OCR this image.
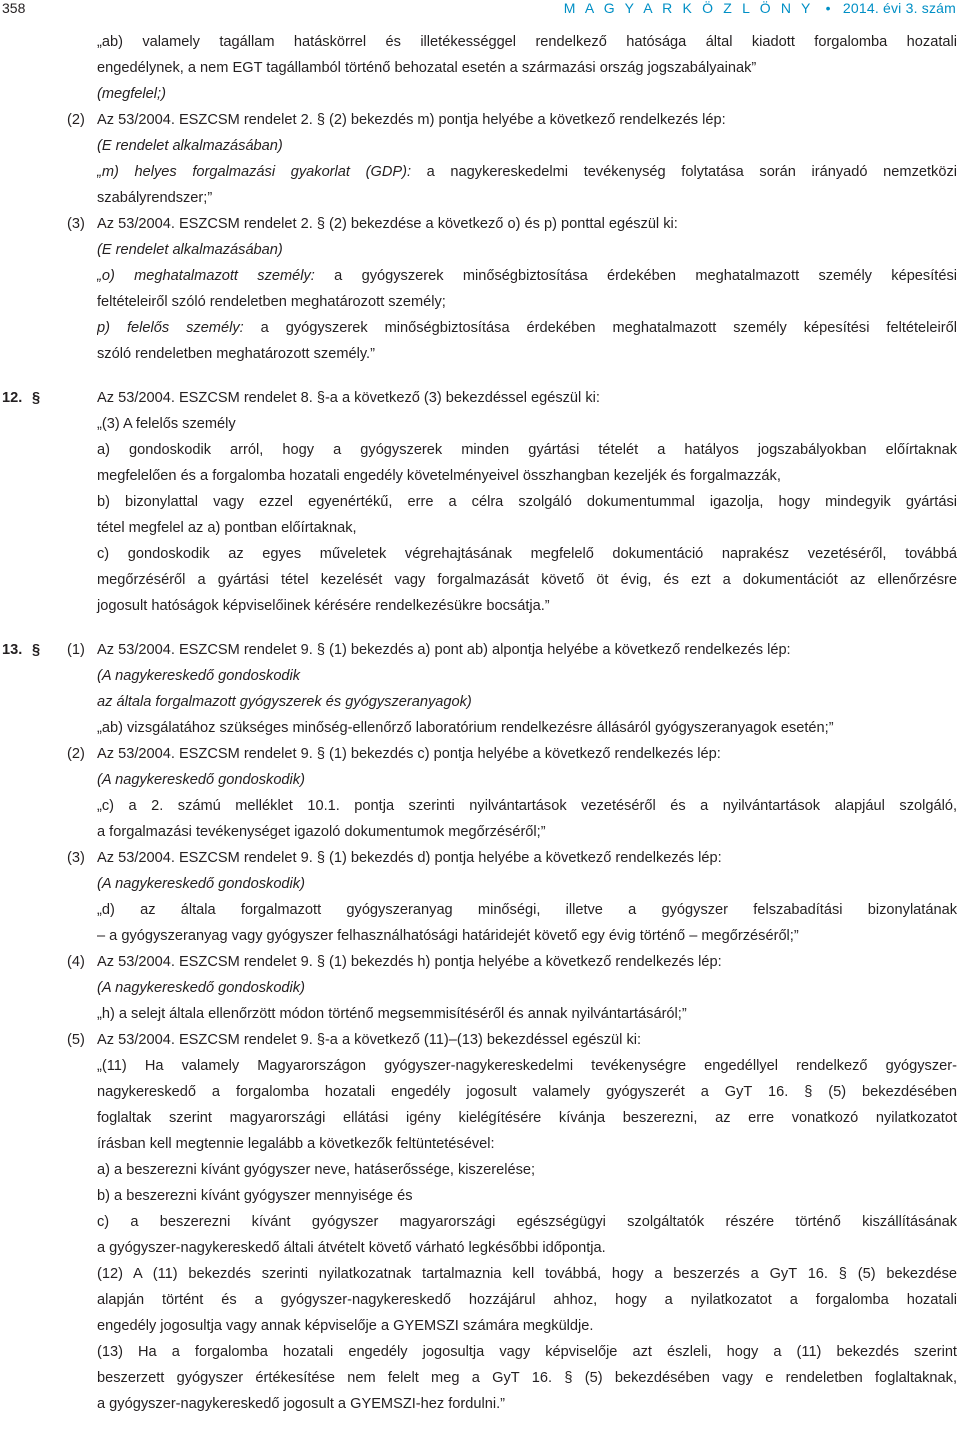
358	M A G Y A R K Ö Z L Ö N Y • 2014. évi 3. szám
„ab) valamely tagállam hatáskörrel és illetékességgel rendelkező hatósága által kiadott forgalomba hozatali
engedélynek, a nem EGT tagállamból történő behozatal esetén a származási ország jogszabályainak”
(megfelel;)
(2) Az 53/2004. ESZCSM rendelet 2. § (2) bekezdés m) pontja helyébe a következő rendelkezés lép:
(E rendelet alkalmazásában)
„m) helyes forgalmazási gyakorlat (GDP): a nagykereskedelmi tevékenység folytatása során irányadó nemzetközi
szabályrendszer;”
(3) Az 53/2004. ESZCSM rendelet 2. § (2) bekezdése a következő o) és p) ponttal egészül ki:
(E rendelet alkalmazásában)
„o) meghatalmazott személy: a gyógyszerek minőségbiztosítása érdekében meghatalmazott személy képesítési
feltételeiről szóló rendeletben meghatározott személy;
p) felelős személy: a gyógyszerek minőségbiztosítása érdekében meghatalmazott személy képesítési feltételeiről
szóló rendeletben meghatározott személy.”
12. §	Az 53/2004. ESZCSM rendelet 8. §-a a következő (3) bekezdéssel egészül ki:
„(3) A felelős személy
a) gondoskodik arról, hogy a gyógyszerek minden gyártási tételét a hatályos jogszabályokban előírtaknak
megfelelően és a forgalomba hozatali engedély követelményeivel összhangban kezeljék és forgalmazzák,
b) bizonylattal vagy ezzel egyenértékű, erre a célra szolgáló dokumentummal igazolja, hogy mindegyik gyártási
tétel megfelel az a) pontban előírtaknak,
c) gondoskodik az egyes műveletek végrehajtásának megfelelő dokumentáció naprakész vezetéséről, továbbá
megőrzéséről a gyártási tétel kezelését vagy forgalmazását követő öt évig, és ezt a dokumentációt az ellenőrzésre
jogosult hatóságok képviselőinek kérésére rendelkezésükre bocsátja.”
13. § (1) Az 53/2004. ESZCSM rendelet 9. § (1) bekezdés a) pont ab) alpontja helyébe a következő rendelkezés lép:
(A nagykereskedő gondoskodik
az általa forgalmazott gyógyszerek és gyógyszeranyagok)
„ab) vizsgálatához szükséges minőség-ellenőrző laboratórium rendelkezésre állásáról gyógyszeranyagok esetén;”
(2) Az 53/2004. ESZCSM rendelet 9. § (1) bekezdés c) pontja helyébe a következő rendelkezés lép:
(A nagykereskedő gondoskodik)
„c) a 2. számú melléklet 10.1. pontja szerinti nyilvántartások vezetéséről és a nyilvántartások alapjául szolgáló,
a forgalmazási tevékenységet igazoló dokumentumok megőrzéséről;”
(3) Az 53/2004. ESZCSM rendelet 9. § (1) bekezdés d) pontja helyébe a következő rendelkezés lép:
(A nagykereskedő gondoskodik)
„d) az általa forgalmazott gyógyszeranyag minőségi, illetve a gyógyszer felszabadítási bizonylatának
– a gyógyszeranyag vagy gyógyszer felhasználhatósági határidejét követő egy évig történő – megőrzéséről;”
(4) Az 53/2004. ESZCSM rendelet 9. § (1) bekezdés h) pontja helyébe a következő rendelkezés lép:
(A nagykereskedő gondoskodik)
„h) a selejt általa ellenőrzött módon történő megsemmisítéséről és annak nyilvántartásáról;”
(5) Az 53/2004. ESZCSM rendelet 9. §-a a következő (11)–(13) bekezdéssel egészül ki:
„(11) Ha valamely Magyarországon gyógyszer-nagykereskedelmi tevékenységre engedéllyel rendelkező gyógyszer-
nagykereskedő a forgalomba hozatali engedély jogosult valamely gyógyszerét a GyT 16. § (5) bekezdésében
foglaltak szerint magyarországi ellátási igény kielégítésére kívánja beszerezni, az erre vonatkozó nyilatkozatot
írásban kell megtennie legalább a következők feltüntetésével:
a) a beszerezni kívánt gyógyszer neve, hatáserőssége, kiszerelése;
b) a beszerezni kívánt gyógyszer mennyisége és
c) a beszerezni kívánt gyógyszer magyarországi egészségügyi szolgáltatók részére történő kiszállításának
a gyógyszer-nagykereskedő általi átvételt követő várható legkésőbbi időpontja.
(12) A (11) bekezdés szerinti nyilatkozatnak tartalmaznia kell továbbá, hogy a beszerzés a GyT 16. § (5) bekezdése
alapján történt és a gyógyszer-nagykereskedő hozzájárul ahhoz, hogy a nyilatkozatot a forgalomba hozatali
engedély jogosultja vagy annak képviselője a GYEMSZI számára megküldje.
(13) Ha a forgalomba hozatali engedély jogosultja vagy képviselője azt észleli, hogy a (11) bekezdés szerint
beszerzett gyógyszer értékesítése nem felelt meg a GyT 16. § (5) bekezdésében vagy e rendeletben foglaltaknak,
a gyógyszer-nagykereskedő jogosult a GYEMSZI-hez fordulni.”
